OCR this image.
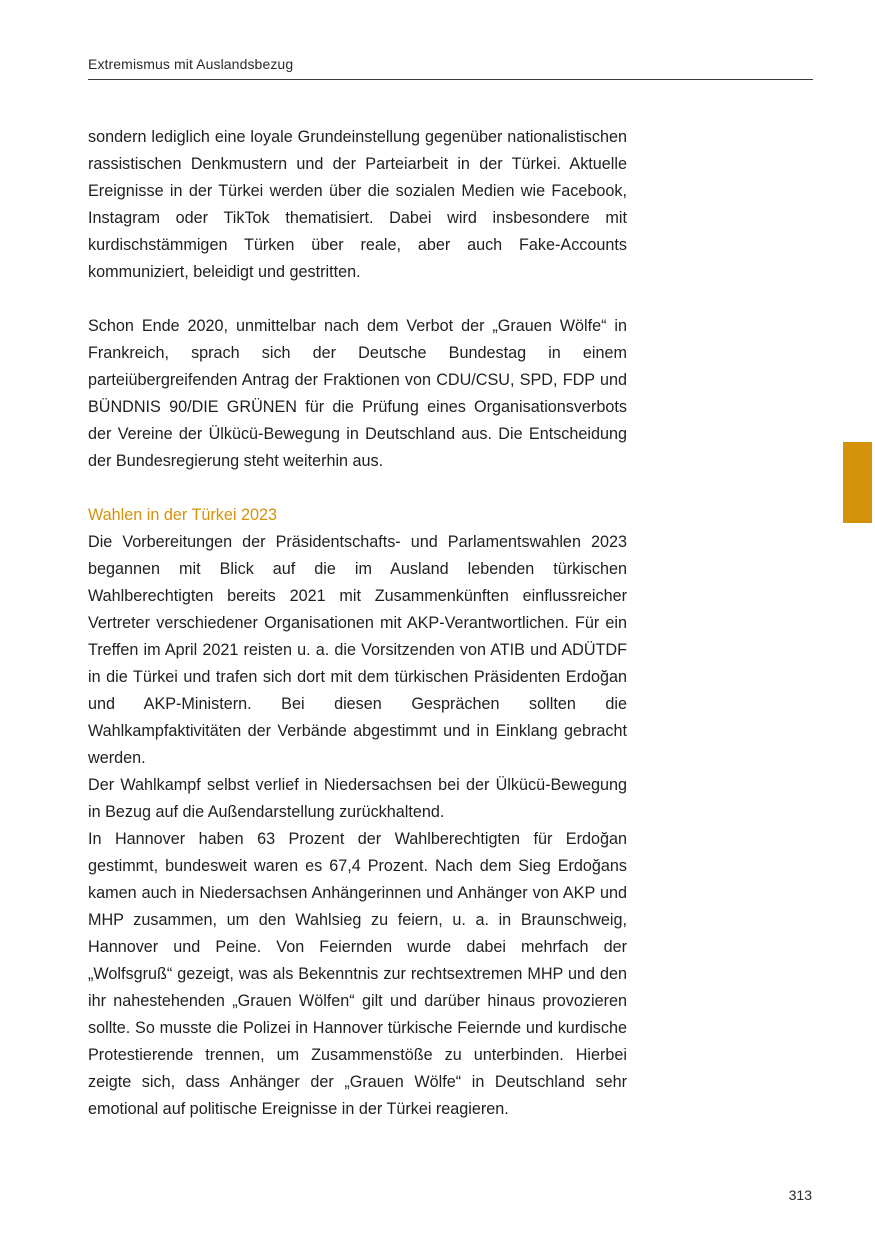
Extremismus mit Auslandsbezug

sondern lediglich eine loyale Grundeinstellung gegenüber nationalistischen rassistischen Denkmustern und der Parteiarbeit in der Türkei. Aktuelle Ereignisse in der Türkei werden über die sozialen Medien wie Facebook, Instagram oder TikTok thematisiert. Dabei wird insbesondere mit kurdischstämmigen Türken über reale, aber auch Fake-Accounts kommuniziert, beleidigt und gestritten.

Schon Ende 2020, unmittelbar nach dem Verbot der „Grauen Wölfe“ in Frankreich, sprach sich der Deutsche Bundestag in einem parteiübergreifenden Antrag der Fraktionen von CDU/CSU, SPD, FDP und BÜNDNIS 90/DIE GRÜNEN für die Prüfung eines Organisationsverbots der Vereine der Ülkücü-Bewegung in Deutschland aus. Die Entscheidung der Bundesregierung steht weiterhin aus.

Wahlen in der Türkei 2023

Die Vorbereitungen der Präsidentschafts- und Parlamentswahlen 2023 begannen mit Blick auf die im Ausland lebenden türkischen Wahlberechtigten bereits 2021 mit Zusammenkünften einflussreicher Vertreter verschiedener Organisationen mit AKP-Verantwortlichen. Für ein Treffen im April 2021 reisten u. a. die Vorsitzenden von ATIB und ADÜTDF in die Türkei und trafen sich dort mit dem türkischen Präsidenten Erdoğan und AKP-Ministern. Bei diesen Gesprächen sollten die Wahlkampfaktivitäten der Verbände abgestimmt und in Einklang gebracht werden.

Der Wahlkampf selbst verlief in Niedersachsen bei der Ülkücü-Bewegung in Bezug auf die Außendarstellung zurückhaltend.

In Hannover haben 63 Prozent der Wahlberechtigten für Erdoğan gestimmt, bundesweit waren es 67,4 Prozent. Nach dem Sieg Erdoğans kamen auch in Niedersachsen Anhängerinnen und Anhänger von AKP und MHP zusammen, um den Wahlsieg zu feiern, u. a. in Braunschweig, Hannover und Peine. Von Feiernden wurde dabei mehrfach der „Wolfsgruß“ gezeigt, was als Bekenntnis zur rechtsextremen MHP und den ihr nahestehenden „Grauen Wölfen“ gilt und darüber hinaus provozieren sollte. So musste die Polizei in Hannover türkische Feiernde und kurdische Protestierende trennen, um Zusammenstöße zu unterbinden. Hierbei zeigte sich, dass Anhänger der „Grauen Wölfe“ in Deutschland sehr emotional auf politische Ereignisse in der Türkei reagieren.

313
